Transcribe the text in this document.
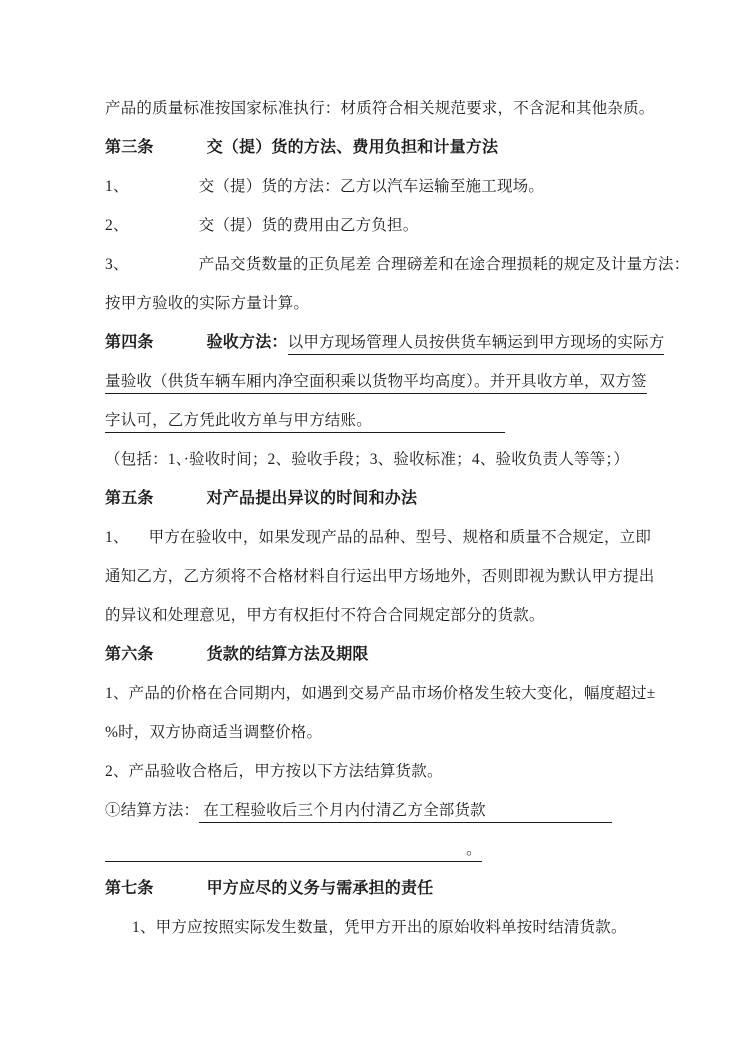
产品的质量标准按国家标准执行：材质符合相关规范要求，不含泥和其他杂质。
第三条	交（提）货的方法、费用负担和计量方法
1、	交（提）货的方法：乙方以汽车运输至施工现场。
2、	交（提）货的费用由乙方负担。
3、	产品交货数量的正负尾差 合理磅差和在途合理损耗的规定及计量方法：
按甲方验收的实际方量计算。
第四条	验收方法：以甲方现场管理人员按供货车辆运到甲方现场的实际方
量验收（供货车辆车厢内净空面积乘以货物平均高度）。并开具收方单，双方签
字认可，乙方凭此收方单与甲方结账。　　　　　　　　　
（包括：1、·验收时间；2、验收手段；3、验收标准；4、验收负责人等等；）
第五条	对产品提出异议的时间和办法
1、 甲方在验收中，如果发现产品的品种、型号、规格和质量不合规定，立即
通知乙方，乙方须将不合格材料自行运出甲方场地外，否则即视为默认甲方提出
的异议和处理意见，甲方有权拒付不符合合同规定部分的货款。
第六条	货款的结算方法及期限
1、产品的价格在合同期内，如遇到交易产品市场价格发生较大变化，幅度超过±
%时，双方协商适当调整价格。
2、产品验收合格后，甲方按以下方法结算货款。
①结算方法： 在工程验收后三个月内付清乙方全部货款　　　　　　　　
　　　　　　　　　　　　　　　　　　　　　　　。
第七条	甲方应尽的义务与需承担的责任
1、甲方应按照实际发生数量，凭甲方开出的原始收料单按时结清货款。
